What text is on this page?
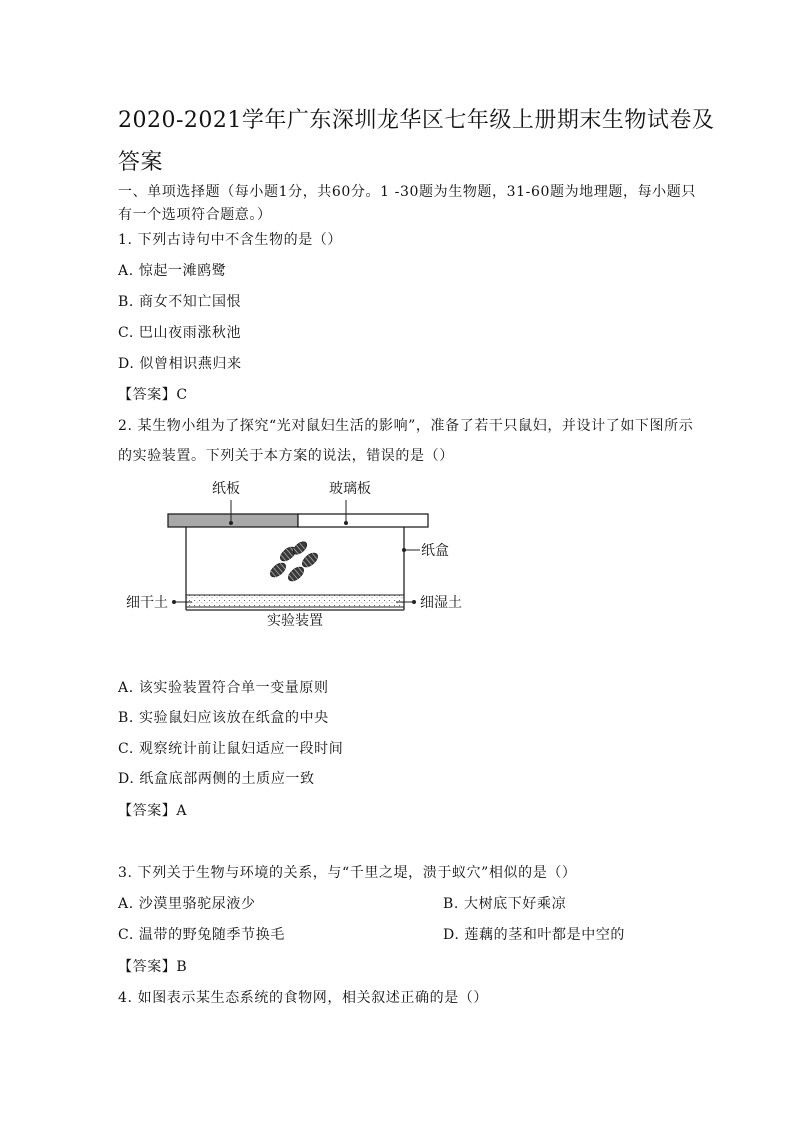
2020-2021学年广东深圳龙华区七年级上册期末生物试卷及
答案
一、单项选择题（每小题1分，共60分。1 -30题为生物题，31-60题为地理题，每小题只
有一个选项符合题意。）
1. 下列古诗句中不含生物的是（）
A. 惊起一滩鸥鹭
B. 商女不知亡国恨
C. 巴山夜雨涨秋池
D. 似曾相识燕归来
【答案】C
2. 某生物小组为了探究“光对鼠妇生活的影响”，准备了若干只鼠妇，并设计了如下图所示
的实验装置。下列关于本方案的说法，错误的是（）
纸板	玻璃板
纸盒
细干土	细湿土
实验装置
A. 该实验装置符合单一变量原则
B. 实验鼠妇应该放在纸盒的中央
C. 观察统计前让鼠妇适应一段时间
D. 纸盒底部两侧的土质应一致
【答案】A
3. 下列关于生物与环境的关系，与“千里之堤，溃于蚁穴”相似的是（）
A. 沙漠里骆驼尿液少	B. 大树底下好乘凉
C. 温带的野兔随季节换毛	D. 莲藕的茎和叶都是中空的
【答案】B
4. 如图表示某生态系统的食物网，相关叙述正确的是（）
